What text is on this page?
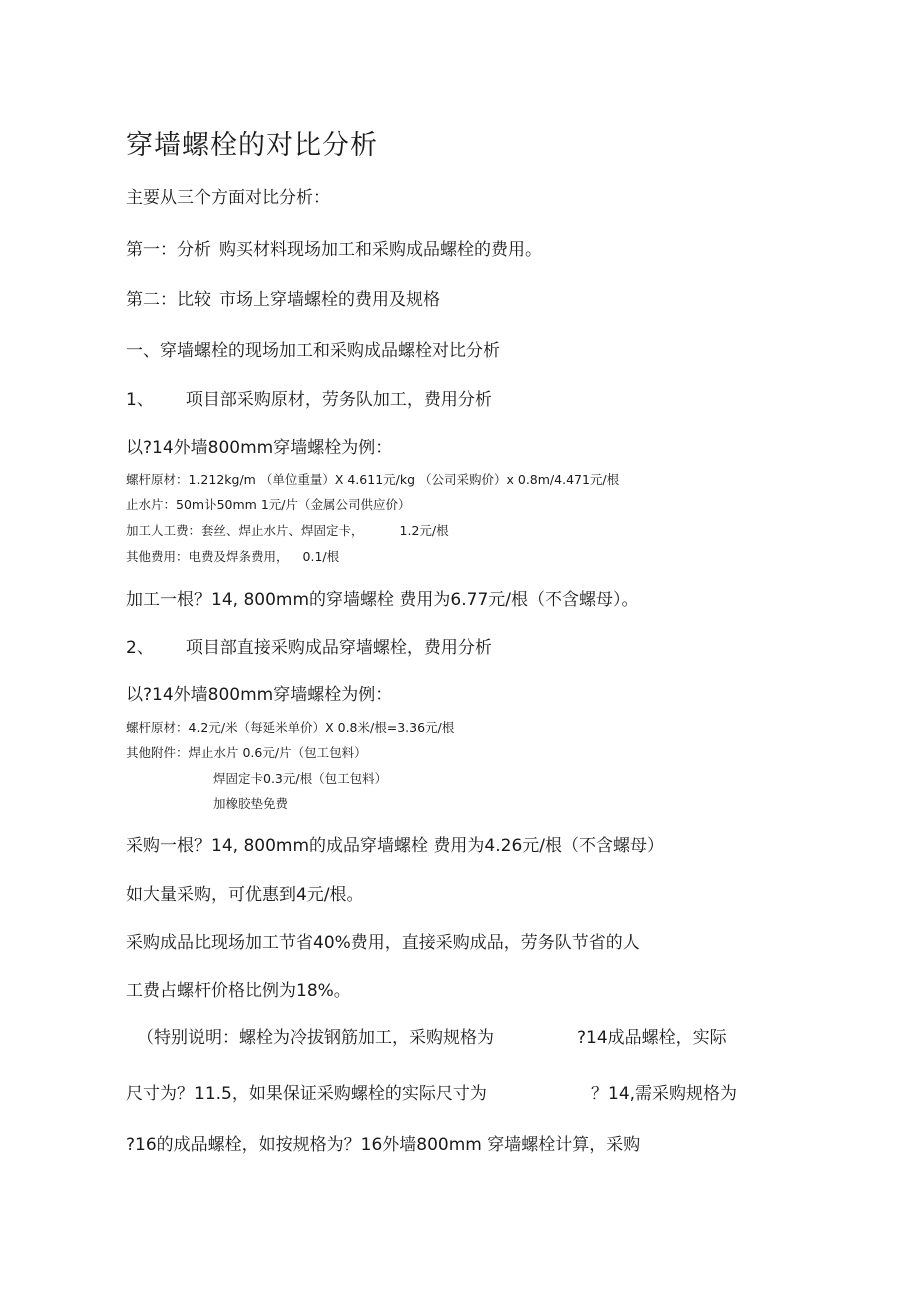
穿墙螺栓的对比分析
主要从三个方面对比分析：
第一：分析 购买材料现场加工和采购成品螺栓的费用。
第二：比较 市场上穿墙螺栓的费用及规格
一、穿墙螺栓的现场加工和采购成品螺栓对比分析
1、 项目部采购原材，劳务队加工，费用分析
以?14外墙800mm穿墙螺栓为例：
螺杆原材：1.212kg/m （单位重量）X 4.611元/kg （公司采购价）x 0.8m/4.471元/根
止水片：50m讣50mm 1元/片（金属公司供应价）
加工人工费：套丝、焊止水片、焊固定卡，	1.2元/根
其他费用：电费及焊条费用， 0.1/根
加工一根？14, 800mm的穿墙螺栓 费用为6.77元/根（不含螺母）。
2、 项目部直接采购成品穿墙螺栓，费用分析
以?14外墙800mm穿墙螺栓为例：
螺杆原材：4.2元/米（每延米单价）X 0.8米/根=3.36元/根
其他附件：焊止水片 0.6元/片（包工包料）
焊固定卡0.3元/根（包工包料）
加橡胶垫免费
采购一根？14, 800mm的成品穿墙螺栓 费用为4.26元/根（不含螺母）
如大量采购，可优惠到4元/根。
采购成品比现场加工节省40%费用，直接采购成品，劳务队节省的人
工费占螺杆价格比例为18%。
（特别说明：螺栓为冷拔钢筋加工，采购规格为	?14成品螺栓，实际
尺寸为？11.5，如果保证采购螺栓的实际尺寸为	？14,需采购规格为
?16的成品螺栓，如按规格为？16外墙800mm 穿墙螺栓计算，采购
